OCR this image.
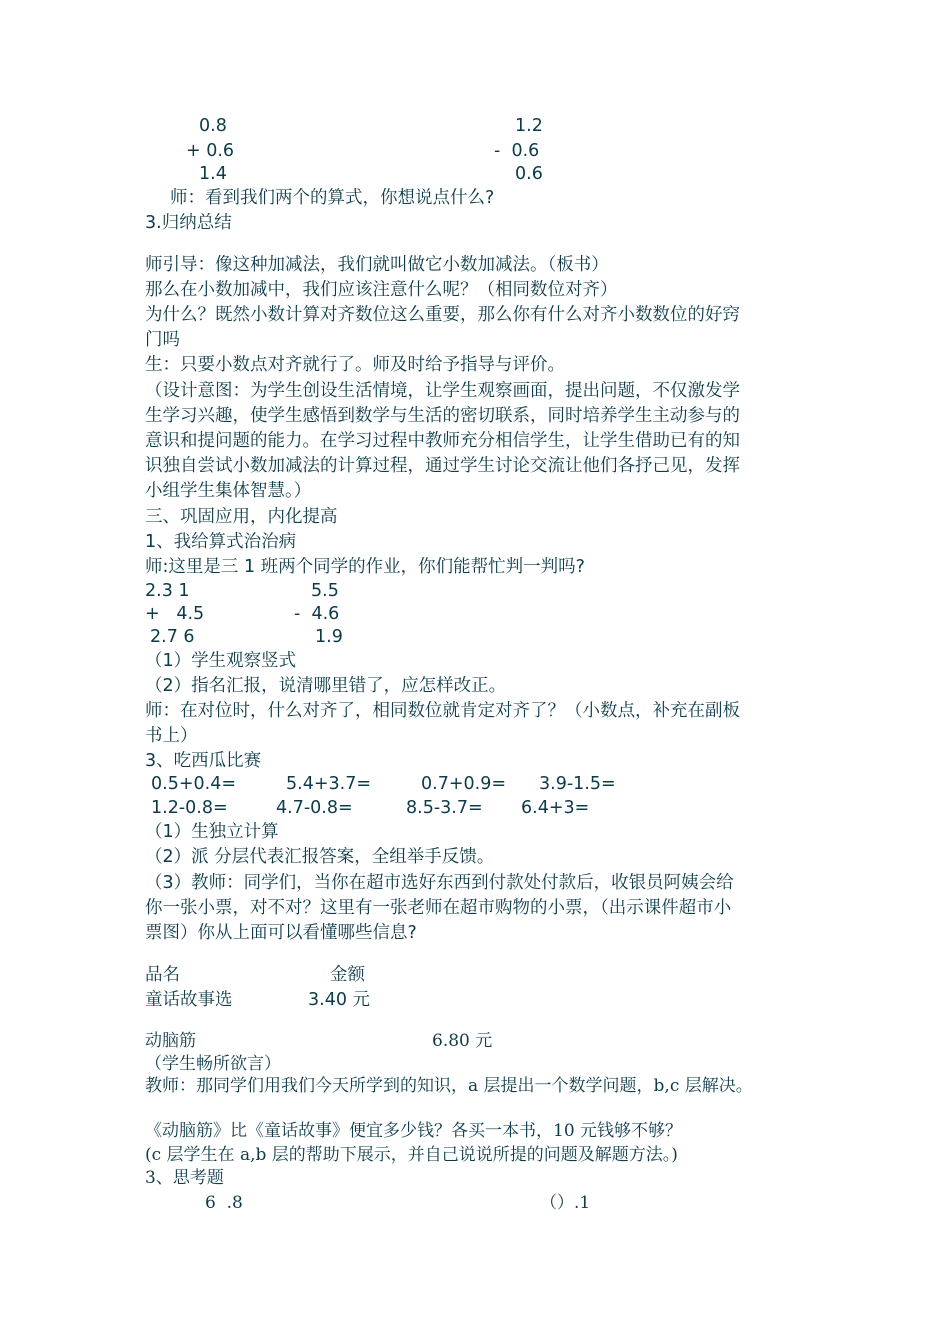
0.8
+ 0.6
1.4
1.2
-  0.6
0.6
师：看到我们两个的算式，你想说点什么?
3.归纳总结
师引导：像这种加减法，我们就叫做它小数加减法。（板书）
那么在小数加减中，我们应该注意什么呢？（相同数位对齐）
为什么？既然小数计算对齐数位这么重要，那么你有什么对齐小数数位的好窍
门吗
生：只要小数点对齐就行了。师及时给予指导与评价。
（设计意图：为学生创设生活情境，让学生观察画面，提出问题，不仅激发学
生学习兴趣，使学生感悟到数学与生活的密切联系，同时培养学生主动参与的
意识和提问题的能力。在学习过程中教师充分相信学生，让学生借助已有的知
识独自尝试小数加减法的计算过程，通过学生讨论交流让他们各抒己见，发挥
小组学生集体智慧。）
三、巩固应用，内化提高
1、我给算式治治病
师:这里是三 1 班两个同学的作业，你们能帮忙判一判吗?
2.3 1	5.5
+   4.5	-  4.6
2.7 6	1.9
（1）学生观察竖式
（2）指名汇报，说清哪里错了，应怎样改正。
师：在对位时，什么对齐了，相同数位就肯定对齐了？（小数点，补充在副板
书上）
3、吃西瓜比赛
0.5+0.4=	5.4+3.7=	0.7+0.9= 3.9-1.5=
1.2-0.8=	4.7-0.8=	8.5-3.7= 6.4+3=
（1）生独立计算
（2）派 分层代表汇报答案，全组举手反馈。
（3）教师：同学们，当你在超市选好东西到付款处付款后，收银员阿姨会给
你一张小票，对不对？这里有一张老师在超市购物的小票，（出示课件超市小
票图）你从上面可以看懂哪些信息?
品名	金额
童话故事选	3.40 元
动脑筋	6.80 元
（学生畅所欲言）
教师：那同学们用我们今天所学到的知识，a 层提出一个数学问题，b,c 层解决。
《动脑筋》比《童话故事》便宜多少钱？各买一本书，10 元钱够不够？
(c 层学生在 a,b 层的帮助下展示，并自己说说所提的问题及解题方法。)
3、思考题
6  .8	（）.1
